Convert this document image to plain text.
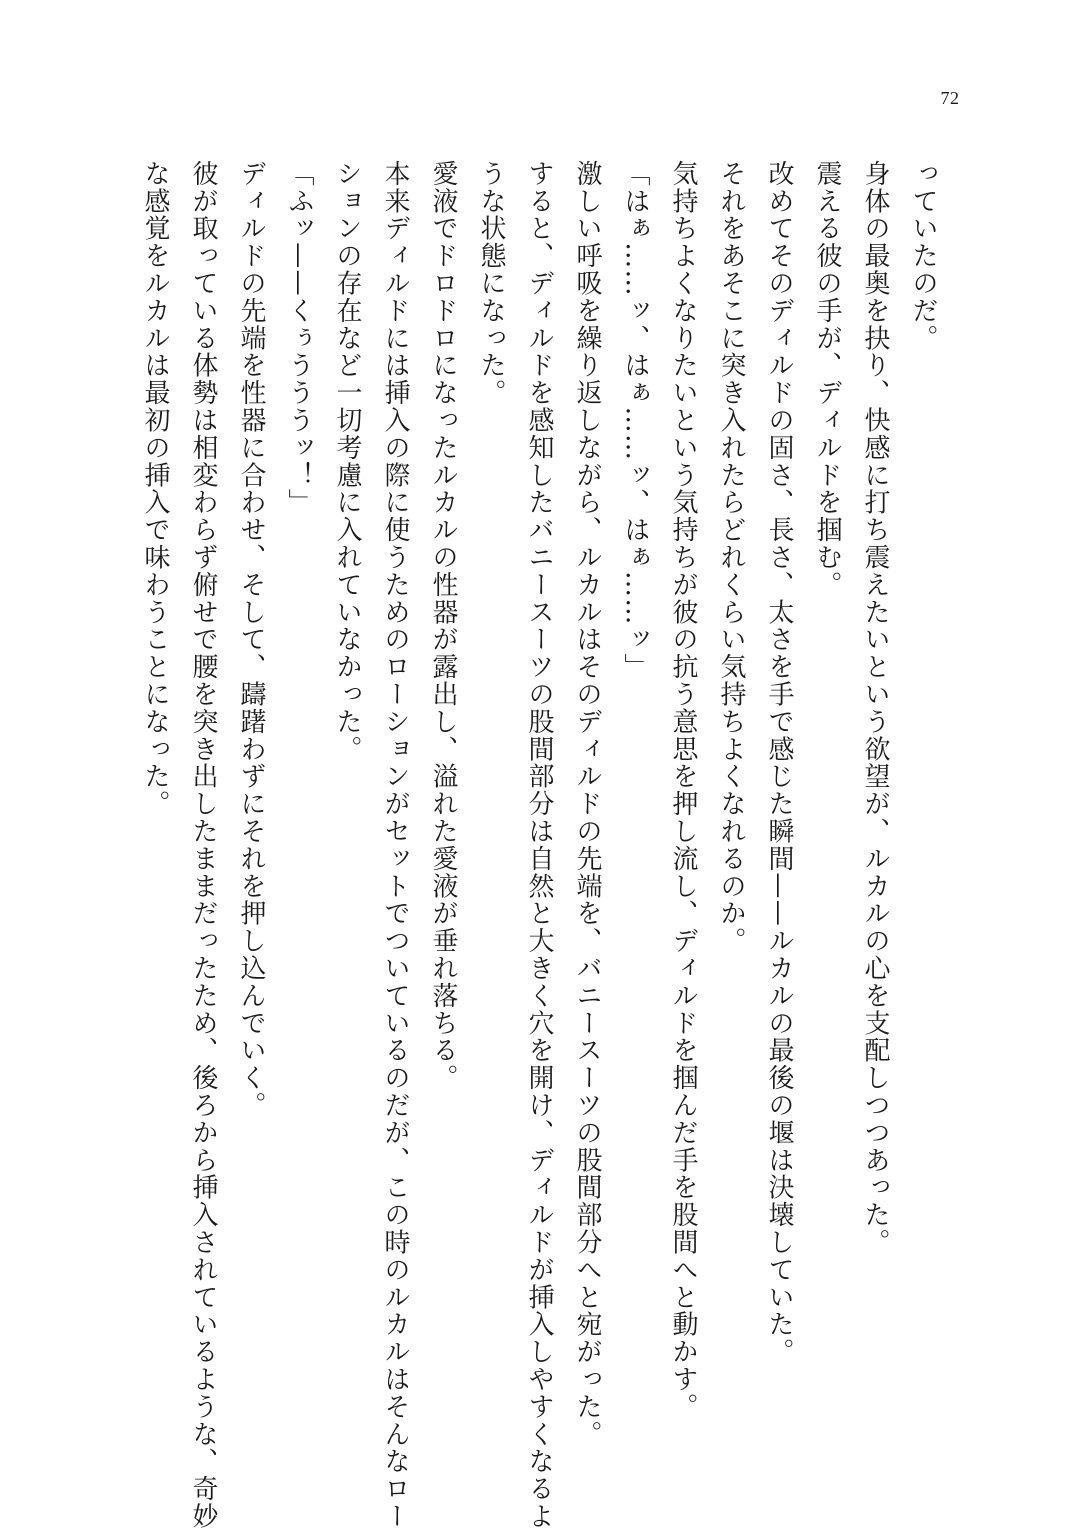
72
っていたのだ。
身体の最奥を抉り、快感に打ち震えたいという欲望が、ルカルの心を支配しつつあった。
震える彼の手が、ディルドを掴む。
改めてそのディルドの固さ、長さ、太さを手で感じた瞬間——ルカルの最後の堰は決壊していた。
それをあそこに突き入れたらどれくらい気持ちよくなれるのか。
気持ちよくなりたいという気持ちが彼の抗う意思を押し流し、ディルドを掴んだ手を股間へと動かす。
「はぁ……ッ、はぁ……ッ、はぁ……ッ」
激しい呼吸を繰り返しながら、ルカルはそのディルドの先端を、バニースーツの股間部分へと宛がった。
すると、ディルドを感知したバニースーツの股間部分は自然と大きく穴を開け、ディルドが挿入しやすくなるよ
うな状態になった。
愛液でドロドロになったルカルの性器が露出し、溢れた愛液が垂れ落ちる。
本来ディルドには挿入の際に使うためのローションがセットでついているのだが、この時のルカルはそんなロー
ションの存在など一切考慮に入れていなかった。
「ふッ——くぅうううッ！」
ディルドの先端を性器に合わせ、そして、躊躇わずにそれを押し込んでいく。
彼が取っている体勢は相変わらず俯せで腰を突き出したままだったため、後ろから挿入されているような、奇妙
な感覚をルカルは最初の挿入で味わうことになった。
